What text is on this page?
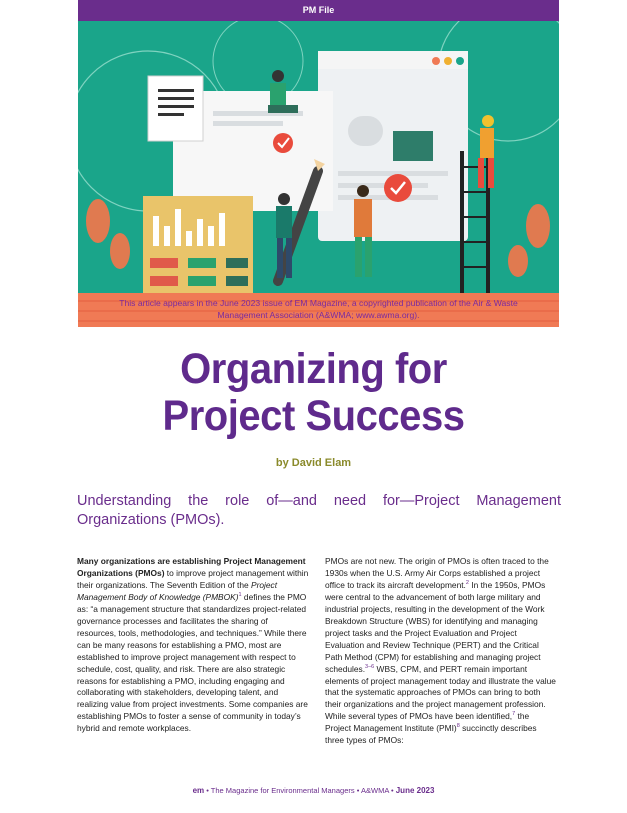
PM File
This article appears in the June 2023 issue of EM Magazine, a copyrighted publication of the Air & Waste
Management Association (A&WMA; www.awma.org).
Organizing for
Project Success
by David Elam
Understanding the role of—and need for—Project Management Organizations (PMOs).

Many organizations are establishing Project Management Organizations (PMOs) to improve project management within their organizations. The Seventh Edition of the Project Management Body of Knowledge (PMBOK)$^1$ defines the PMO as: “a management structure that standardizes project-related governance processes and facilitates the sharing of resources, tools, methodologies, and techniques.” While there can be many reasons for establishing a PMO, most are established to improve project management with respect to schedule, cost, quality, and risk. There are also strategic reasons for establishing a PMO, including engaging and collaborating with stakeholders, developing talent, and realizing value from project investments. Some companies are establishing PMOs to foster a sense of community in today’s hybrid and remote workplaces.

PMOs are not new. The origin of PMOs is often traced to the 1930s when the U.S. Army Air Corps established a project office to track its aircraft development.$^2$ In the 1950s, PMOs were central to the advancement of both large military and industrial projects, resulting in the development of the Work Breakdown Structure (WBS) for identifying and managing project tasks and the Project Evaluation and Project Evaluation and Review Technique (PERT) and the Critical Path Method (CPM) for establishing and managing project schedules.$^{3-6}$ WBS, CPM, and PERT remain important elements of project management today and illustrate the value that the systematic approaches of PMOs can bring to both their organizations and the project management profession. While several types of PMOs have been identified,$^7$ the Project Management Institute (PMI)$^8$ succinctly describes three types of PMOs:

em • The Magazine for Environmental Managers • A&WMA • June 2023
